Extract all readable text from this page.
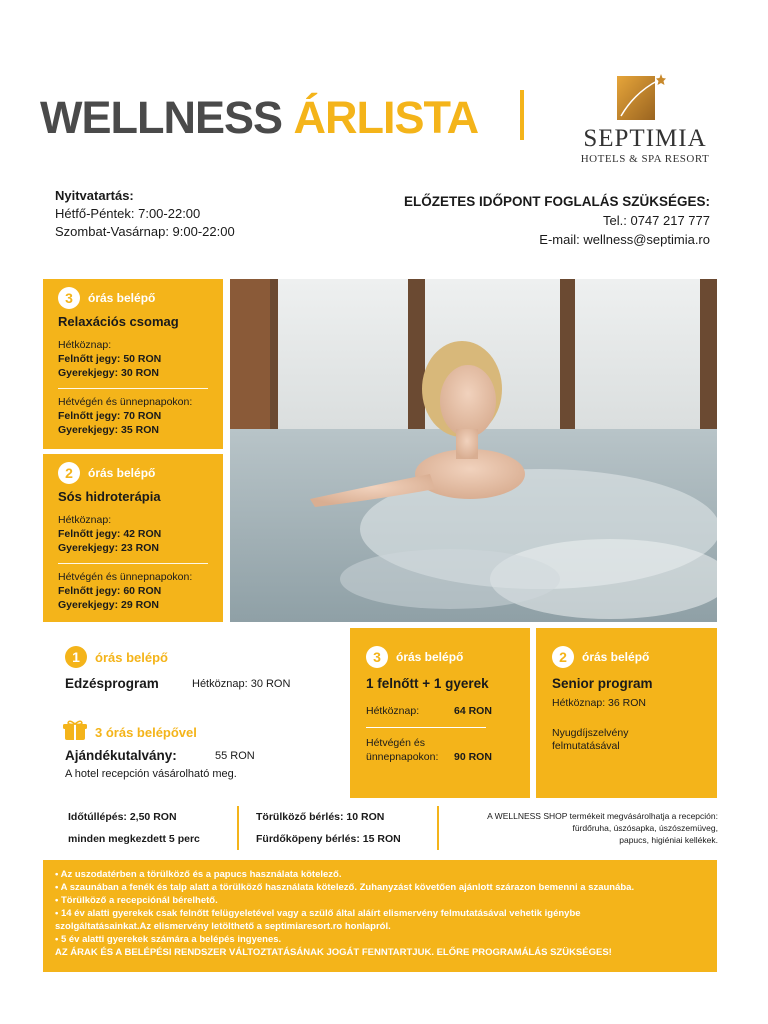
WELLNESS ÁRLISTA	SEPTIMIA
HOTELS & SPA RESORT
Nyitvatartás:
Hétfő-Péntek: 7:00-22:00
Szombat-Vasárnap: 9:00-22:00
ELŐZETES IDŐPONT FOGLALÁS SZÜKSÉGES:
Tel.: 0747 217 777
E-mail: wellness@septimia.ro
3	órás belépő
Relaxációs csomag
Hétköznap:
Felnőtt jegy: 50 RON
Gyerekjegy: 30 RON
Hétvégén és ünnepnapokon:
Felnőtt jegy: 70 RON
Gyerekjegy: 35 RON
2	órás belépő
Sós hidroterápia
Hétköznap:
Felnőtt jegy: 42 RON
Gyerekjegy: 23 RON
Hétvégén és ünnepnapokon:
Felnőtt jegy: 60 RON
Gyerekjegy: 29 RON
1	órás belépő
Edzésprogram	Hétköznap: 30 RON
3 órás belépővel
Ajándékutalvány:	55 RON
A hotel recepción vásárolható meg.
3	órás belépő
1 felnőtt + 1 gyerek
Hétköznap:	64 RON
Hétvégén és
ünnepnapokon:	90 RON
2	órás belépő
Senior program
Hétköznap: 36 RON
Nyugdíjszelvény
felmutatásával
Időtúllépés: 2,50 RON
minden megkezdett 5 perc
Törülköző bérlés: 10 RON
Fürdőköpeny bérlés: 15 RON
A WELLNESS SHOP termékeit megvásárolhatja a recepción:
fürdőruha, úszósapka, úszószemüveg,
papucs, higiéniai kellékek.
• Az uszodatérben a törülköző és a papucs használata kötelező.
• A szaunában a fenék és talp alatt a törülköző használata kötelező. Zuhanyzást követően ajánlott szárazon bemenni a szaunába.
• Törülköző a recepciónál bérelhető.
• 14 év alatti gyerekek csak felnőtt felügyeletével vagy a szülő által aláírt elismervény felmutatásával vehetik igénybe
szolgáltatásainkat.Az elismervény letölthető a septimiaresort.ro honlapról.
• 5 év alatti gyerekek számára a belépés ingyenes.
AZ ÁRAK ÉS A BELÉPÉSI RENDSZER VÁLTOZTATÁSÁNAK JOGÁT FENNTARTJUK. ELŐRE PROGRAMÁLÁS SZÜKSÉGES!
